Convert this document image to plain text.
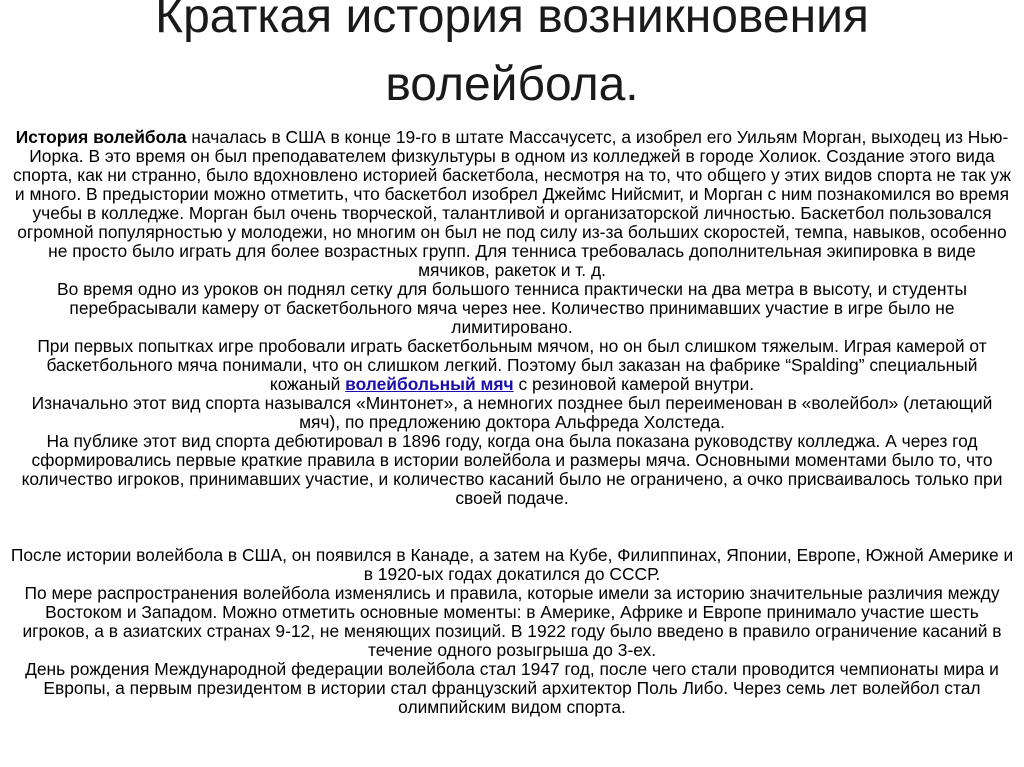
Краткая история возникновения
волейбола.

История волейбола началась в США в конце 19-го в штате Массачусетс, а изобрел его Уильям Морган, выходец из Нью-Иорка. В это время он был преподавателем физкультуры в одном из колледжей в городе Холиок. Создание этого вида спорта, как ни странно, было вдохновлено историей баскетбола, несмотря на то, что общего у этих видов спорта не так уж и много. В предыстории можно отметить, что баскетбол изобрел Джеймс Нийсмит, и Морган с ним познакомился во время учебы в колледже. Морган был очень творческой, талантливой и организаторской личностью. Баскетбол пользовался огромной популярностью у молодежи, но многим он был не под силу из-за больших скоростей, темпа, навыков, особенно не просто было играть для более возрастных групп. Для тенниса требовалась дополнительная экипировка в виде мячиков, ракеток и т. д.

Во время одно из уроков он поднял сетку для большого тенниса практически на два метра в высоту, и студенты перебрасывали камеру от баскетбольного мяча через нее. Количество принимавших участие в игре было не лимитировано.

При первых попытках игре пробовали играть баскетбольным мячом, но он был слишком тяжелым. Играя камерой от баскетбольного мяча понимали, что он слишком легкий. Поэтому был заказан на фабрике “Spalding” специальный кожаный волейбольный мяч с резиновой камерой внутри.

Изначально этот вид спорта назывался «Минтонет», а немногих позднее был переименован в «волейбол» (летающий мяч), по предложению доктора Альфреда Холстеда.

На публике этот вид спорта дебютировал в 1896 году, когда она была показана руководству колледжа. А через год сформировались первые краткие правила в истории волейбола и размеры мяча. Основными моментами было то, что количество игроков, принимавших участие, и количество касаний было не ограничено, а очко присваивалось только при своей подаче.

После истории волейбола в США, он появился в Канаде, а затем на Кубе, Филиппинах, Японии, Европе, Южной Америке и в 1920-ых годах докатился до СССР.

По мере распространения волейбола изменялись и правила, которые имели за историю значительные различия между Востоком и Западом. Можно отметить основные моменты: в Америке, Африке и Европе принимало участие шесть игроков, а в азиатских странах 9-12, не меняющих позиций. В 1922 году было введено в правило ограничение касаний в течение одного розыгрыша до 3-ех.

День рождения Международной федерации волейбола стал 1947 год, после чего стали проводится чемпионаты мира и Европы, а первым президентом в истории стал французский архитектор Поль Либо. Через семь лет волейбол стал олимпийским видом спорта.
